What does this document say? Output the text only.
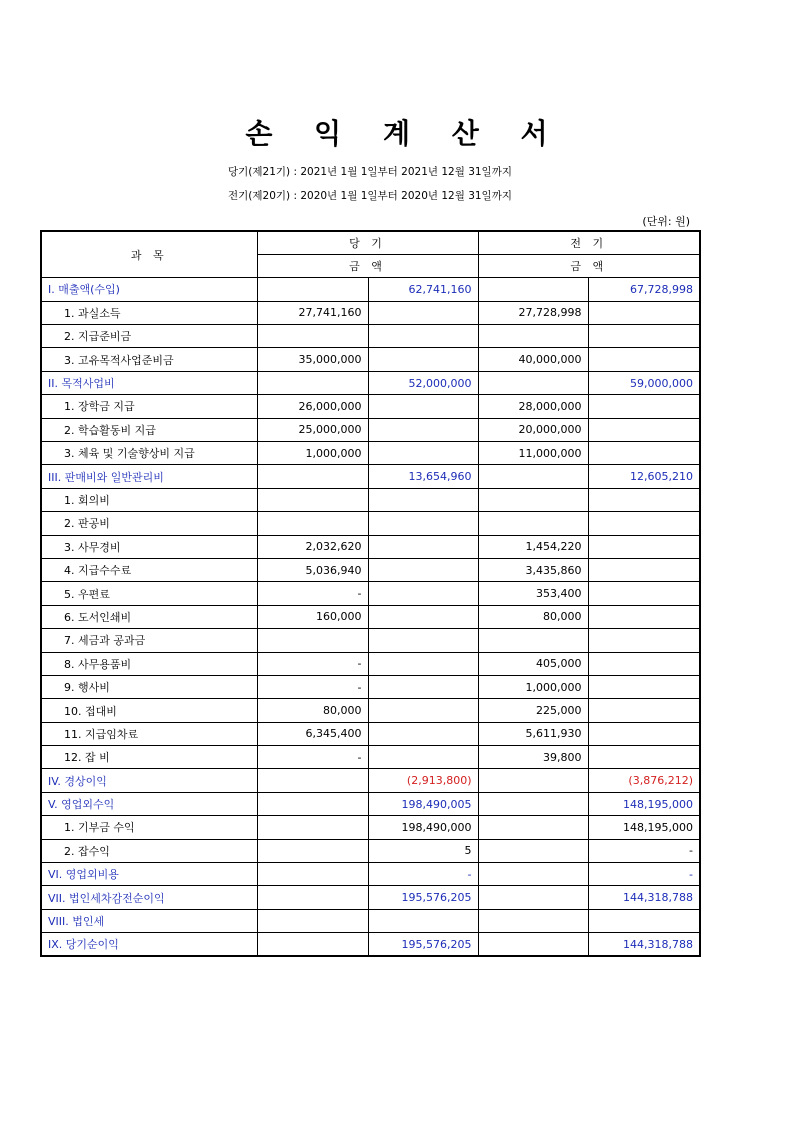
손 익 계 산 서
당기(제21기) : 2021년 1월 1일부터 2021년 12월 31일까지
전기(제20기) : 2020년 1월 1일부터 2020년 12월 31일까지
(단위: 원)
과 목	당 기		전 기	
	금 액		금 액	
I. 매출액(수입)		62,741,160		67,728,998
1. 과실소득	27,741,160		27,728,998	
2. 지급준비금				
3. 고유목적사업준비금	35,000,000		40,000,000	
II. 목적사업비		52,000,000		59,000,000
1. 장학금 지급	26,000,000		28,000,000	
2. 학습활동비 지급	25,000,000		20,000,000	
3. 체육 및 기술향상비 지급	1,000,000		11,000,000	
III. 판매비와 일반관리비		13,654,960		12,605,210
1. 회의비				
2. 판공비				
3. 사무경비	2,032,620		1,454,220	
4. 지급수수료	5,036,940		3,435,860	
5. 우편료	-		353,400	
6. 도서인쇄비	160,000		80,000	
7. 세금과 공과금				
8. 사무용품비	-		405,000	
9. 행사비	-		1,000,000	
10. 접대비	80,000		225,000	
11. 지급임차료	6,345,400		5,611,930	
12. 잡 비	-		39,800	
IV. 경상이익		(2,913,800)		(3,876,212)
V. 영업외수익		198,490,005		148,195,000
1. 기부금 수익		198,490,000		148,195,000
2. 잡수익		5		-
VI. 영업외비용		-		-
VII. 법인세차감전순이익		195,576,205		144,318,788
VIII. 법인세				
IX. 당기순이익		195,576,205		144,318,788
